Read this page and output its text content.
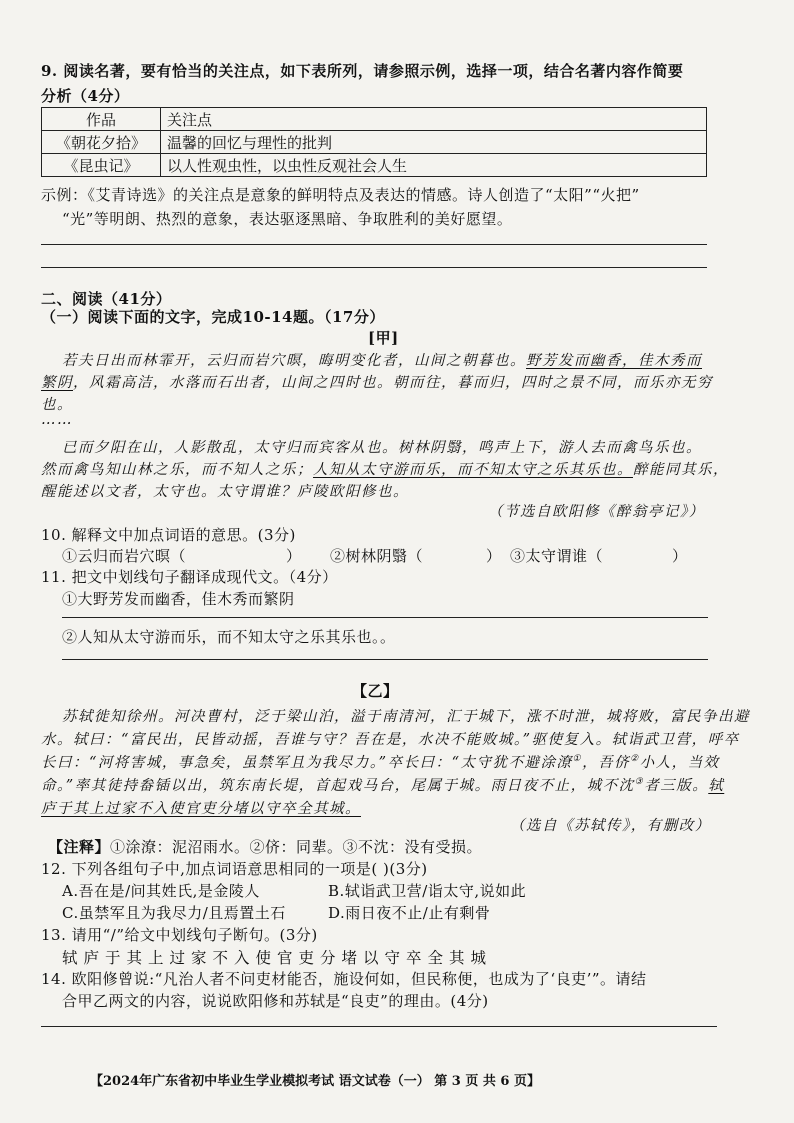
9. 阅读名著，要有恰当的关注点，如下表所列，请参照示例，选择一项，结合名著内容作简要
分析（4分）
作品	关注点
《朝花夕拾》	温馨的回忆与理性的批判
《昆虫记》	以人性观虫性，以虫性反观社会人生
示例：《艾青诗选》的关注点是意象的鲜明特点及表达的情感。诗人创造了“太阳”“火把”
“光”等明朗、热烈的意象，表达驱逐黑暗、争取胜利的美好愿望。
二、阅读（41分）
（一）阅读下面的文字，完成10-14题。（17分）
[甲]
若夫日出而林霏开，云归而岩穴暝，晦明变化者，山间之朝暮也。野芳发而幽香，佳木秀而
繁阴，风霜高洁，水落而石出者，山间之四时也。朝而往，暮而归，四时之景不同，而乐亦无穷
也。
……
已而夕阳在山，人影散乱，太守归而宾客从也。树林阴翳，鸣声上下，游人去而禽鸟乐也。
然而禽鸟知山林之乐，而不知人之乐；人知从太守游而乐，而不知太守之乐其乐也。醉能同其乐，
醒能述以文者，太守也。太守谓谁？庐陵欧阳修也。
（节选自欧阳修《醉翁亭记》）
10. 解释文中加点词语的意思。(3分)
①云归而岩穴暝（	） ②树林阴翳（	） ③太守谓谁（	）
11. 把文中划线句子翻译成现代文。（4分）
①大野芳发而幽香，佳木秀而繁阴
②人知从太守游而乐，而不知太守之乐其乐也。。
【乙】
苏轼徙知徐州。河决曹村，泛于梁山泊，溢于南清河，汇于城下，涨不时泄，城将败，富民争出避
水。轼曰：“富民出，民皆动摇，吾谁与守？吾在是，水决不能败城。”驱使复入。轼诣武卫营，呼卒
长曰：“河将害城，事急矣，虽禁军且为我尽力。”卒长曰：“太守犹不避涂潦①，吾侪②小人，当效
命。”率其徒持畚锸以出，筑东南长堤，首起戏马台，尾属于城。雨日夜不止，城不沈③者三版。轼
庐于其上过家不入使官吏分堵以守卒全其城。
（选自《苏轼传》，有删改）
【注释】①涂潦：泥沼雨水。②侪：同辈。③不沈：没有受损。
12. 下列各组句子中,加点词语意思相同的一项是( )(3分)
A.吾在是/问其姓氏,是金陵人	B.轼诣武卫营/诣太守,说如此
C.虽禁军且为我尽力/且焉置土石	D.雨日夜不止/止有剩骨
13. 请用“/”给文中划线句子断句。(3分)
轼庐于其上过家不入使官吏分堵以守卒全其城
14. 欧阳修曾说:“凡治人者不问吏材能否，施设何如，但民称便，也成为了‘良吏’”。请结
合甲乙两文的内容，说说欧阳修和苏轼是“良吏”的理由。(4分)
【2024年广东省初中毕业生学业模拟考试 语文试卷（一） 第 3 页 共 6 页】
